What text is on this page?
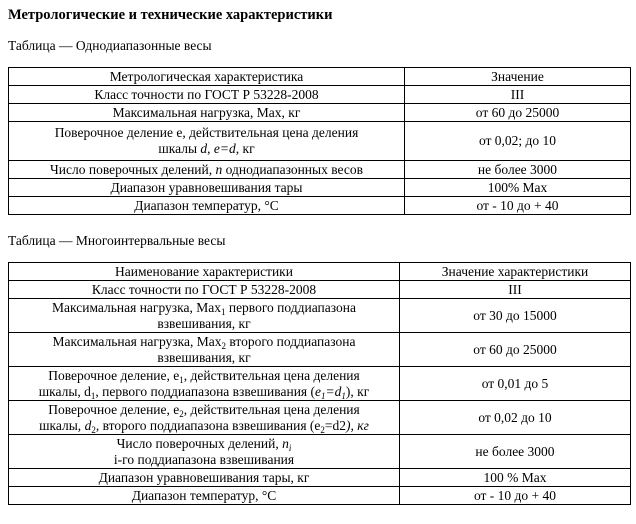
Метрологические и технические характеристики
Таблица — Однодиапазонные весы
Метрологическая характеристика	Значение
Класс точности по ГОСТ Р 53228-2008	III
Максимальная нагрузка, Max, кг	от 60 до 25000

Поверочное деление e, действительная цена деления
шкалы d, e=d, кг	от 0,02; до 10
Число поверочных делений, n однодиапазонных весов	не более 3000
Диапазон уравновешивания тары	100% Max
Диапазон температур, °C	от - 10 до + 40
Таблица — Многоинтервальные весы
Наименование характеристики	Значение характеристики
Класс точности по ГОСТ Р 53228-2008	III

Максимальная нагрузка, Max$_1$ первого поддиапазона
взвешивания, кг	от 30 до 15000

Максимальная нагрузка, Max$_2$ второго поддиапазона
взвешивания, кг	от 60 до 25000

Поверочное деление, $e_1$, действительная цена деления
шкалы, $d_1$, первого поддиапазона взвешивания $(e_1=d_1)$, кг	от 0,01 до 5

Поверочное деление, $e_2$, действительная цена деления
шкалы, $d_2$, второго поддиапазона взвешивания $(e_2=d2)$, кг	от 0,02 до 10

Число поверочных делений, $n_i$
i-го поддиапазона взвешивания	не более 3000
Диапазон уравновешивания тары, кг	100 % Max
Диапазон температур, °C	от - 10 до + 40
